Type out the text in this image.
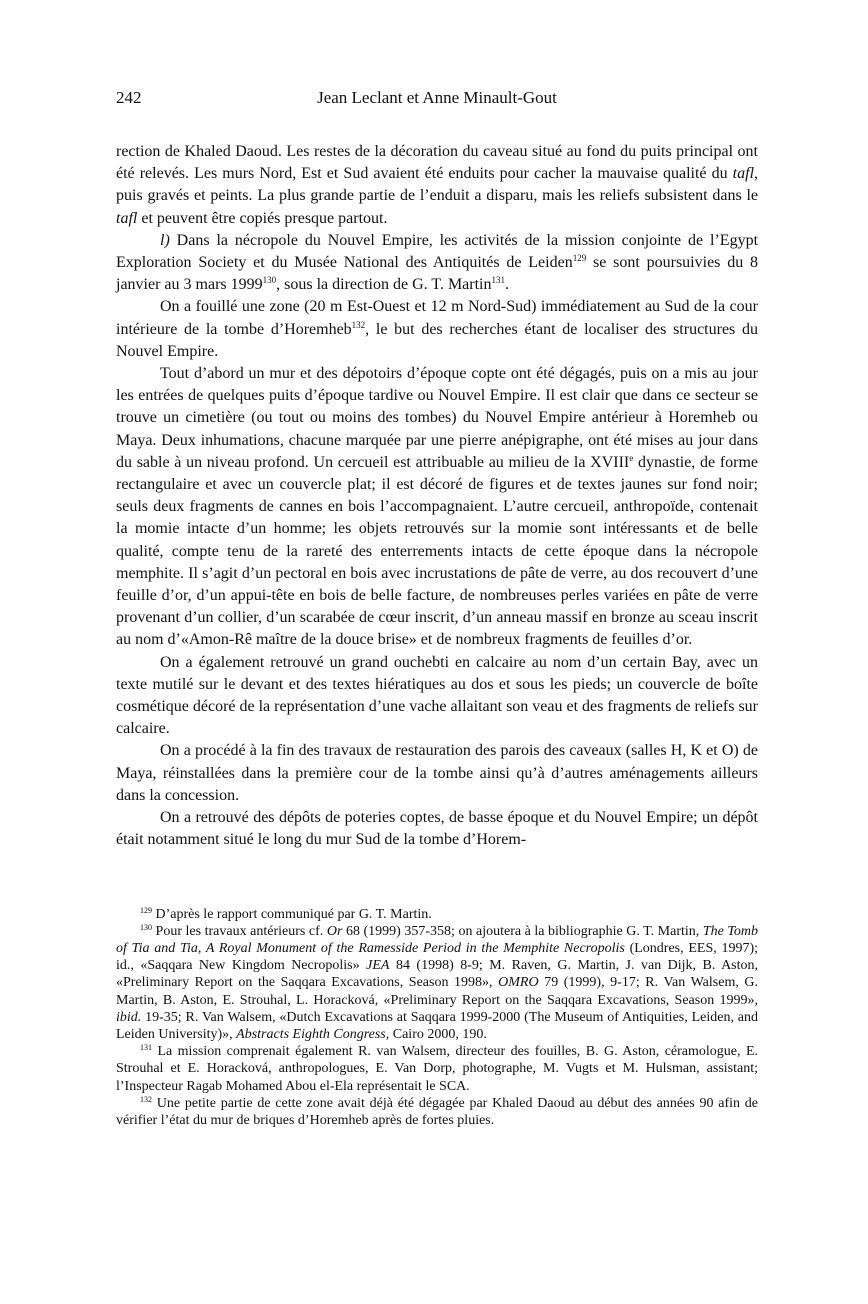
242	Jean Leclant et Anne Minault-Gout

rection de Khaled Daoud. Les restes de la décoration du caveau situé au fond du puits principal ont été relevés. Les murs Nord, Est et Sud avaient été enduits pour cacher la mauvaise qualité du tafl, puis gravés et peints. La plus grande partie de l’enduit a disparu, mais les reliefs subsistent dans le tafl et peuvent être copiés presque partout.

l) Dans la nécropole du Nouvel Empire, les activités de la mission conjointe de l’Egypt Exploration Society et du Musée National des Antiquités de Leiden$^{129}$ se sont poursuivies du 8 janvier au 3 mars 1999$^{130}$, sous la direction de G. T. Martin$^{131}$.

On a fouillé une zone (20 m Est-Ouest et 12 m Nord-Sud) immédiatement au Sud de la cour intérieure de la tombe d’Horemheb$^{132}$, le but des recherches étant de localiser des structures du Nouvel Empire.

Tout d’abord un mur et des dépotoirs d’époque copte ont été dégagés, puis on a mis au jour les entrées de quelques puits d’époque tardive ou Nouvel Empire. Il est clair que dans ce secteur se trouve un cimetière (ou tout ou moins des tombes) du Nouvel Empire antérieur à Horemheb ou Maya. Deux inhumations, chacune marquée par une pierre anépigraphe, ont été mises au jour dans du sable à un niveau profond. Un cercueil est attribuable au milieu de la XVIIIe dynastie, de forme rectangulaire et avec un couvercle plat; il est décoré de figures et de textes jaunes sur fond noir; seuls deux fragments de cannes en bois l’accompagnaient. L’autre cercueil, anthropoïde, contenait la momie intacte d’un homme; les objets retrouvés sur la momie sont intéressants et de belle qualité, compte tenu de la rareté des enterrements intacts de cette époque dans la nécropole memphite. Il s’agit d’un pectoral en bois avec incrustations de pâte de verre, au dos recouvert d’une feuille d’or, d’un appui-tête en bois de belle facture, de nombreuses perles variées en pâte de verre provenant d’un collier, d’un scarabée de cœur inscrit, d’un anneau massif en bronze au sceau inscrit au nom d’«Amon-Rê maître de la douce brise» et de nombreux fragments de feuilles d’or.

On a également retrouvé un grand ouchebti en calcaire au nom d’un certain Bay, avec un texte mutilé sur le devant et des textes hiératiques au dos et sous les pieds; un couvercle de boîte cosmétique décoré de la représentation d’une vache allaitant son veau et des fragments de reliefs sur calcaire.

On a procédé à la fin des travaux de restauration des parois des caveaux (salles H, K et O) de Maya, réinstallées dans la première cour de la tombe ainsi qu’à d’autres aménagements ailleurs dans la concession.

On a retrouvé des dépôts de poteries coptes, de basse époque et du Nouvel Empire; un dépôt était notamment situé le long du mur Sud de la tombe d’Horem-

$^{129}$ D’après le rapport communiqué par G. T. Martin.

$^{130}$ Pour les travaux antérieurs cf. Or 68 (1999) 357-358; on ajoutera à la bibliographie G. T. Martin, The Tomb of Tia and Tia, A Royal Monument of the Ramesside Period in the Memphite Necropolis (Londres, EES, 1997); id., «Saqqara New Kingdom Necropolis» JEA 84 (1998) 8-9; M. Raven, G. Martin, J. van Dijk, B. Aston, «Preliminary Report on the Saqqara Excavations, Season 1998», OMRO 79 (1999), 9-17; R. Van Walsem, G. Martin, B. Aston, E. Strouhal, L. Horacková, «Preliminary Report on the Saqqara Excavations, Season 1999», ibid. 19-35; R. Van Walsem, «Dutch Excavations at Saqqara 1999-2000 (The Museum of Antiquities, Leiden, and Leiden University)», Abstracts Eighth Congress, Cairo 2000, 190.

$^{131}$ La mission comprenait également R. van Walsem, directeur des fouilles, B. G. Aston, céramologue, E. Strouhal et E. Horacková, anthropologues, E. Van Dorp, photographe, M. Vugts et M. Hulsman, assistant; l’Inspecteur Ragab Mohamed Abou el-Ela représentait le SCA.

$^{132}$ Une petite partie de cette zone avait déjà été dégagée par Khaled Daoud au début des années 90 afin de vérifier l’état du mur de briques d’Horemheb après de fortes pluies.
